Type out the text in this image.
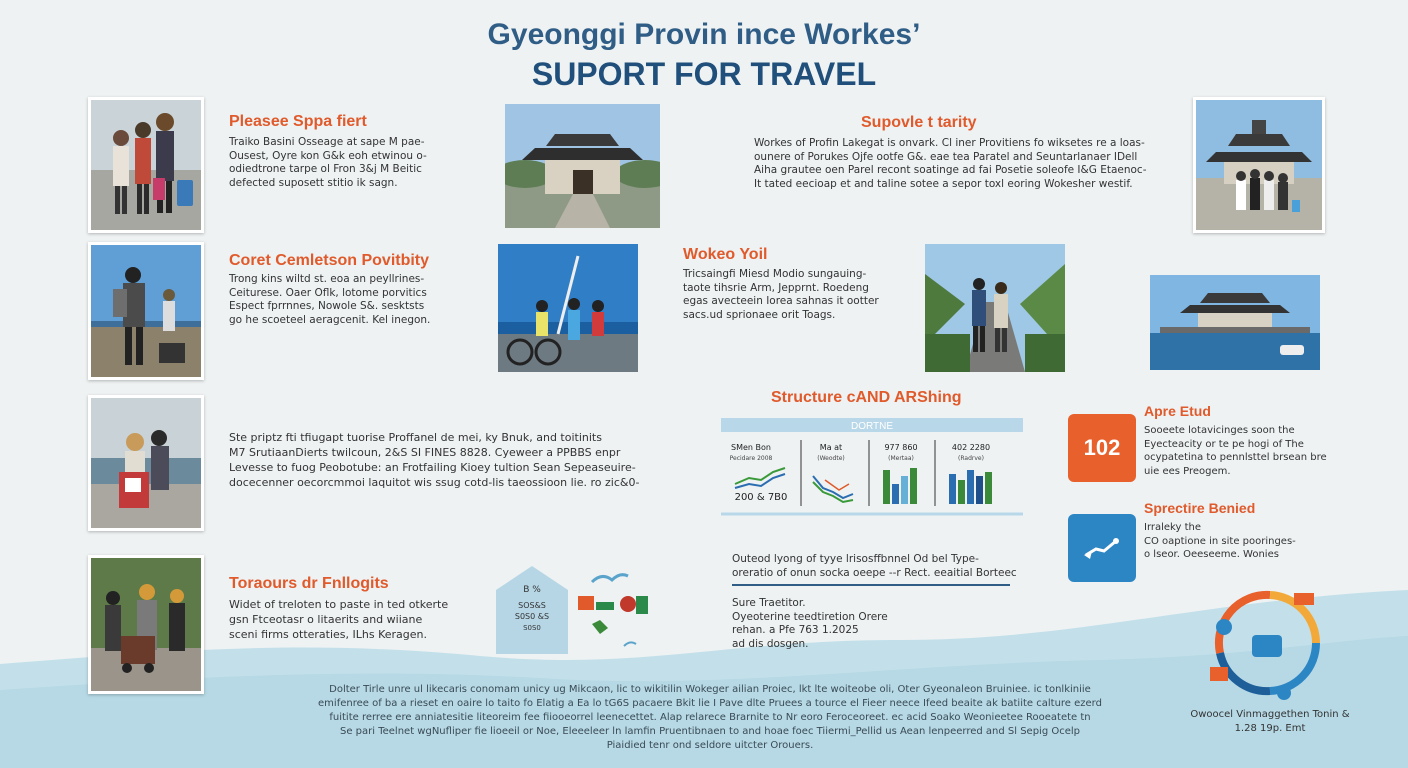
Gyeonggi Provin ince Workes’
SUPORT FOR TRAVEL
Pleasee Sppa fiert
Traiko Basini Osseage at sape M pae-
Ousest, Oyre kon G&k eoh etwinou o-
odiedtrone tarpe ol Fron 3&j M Beitic
defected suposett stitio ik sagn.
Supovle t tarity
Workes of Profin Lakegat is onvark. Cl iner Provitiens fo wiksetes re a loas-
ounere of Porukes Ojfe ootfe G&. eae tea Paratel and Seuntarlanaer IDell
Aiha grautee oen Parel recont soatinge ad fai Posetie soleofe I&G Etaenoc-
It tated eecioap et and taline sotee a sepor toxl eoring Wokesher westif.
Coret Cemletson Povitbity
Trong kins wiltd st. eoa an peyllrines-
Ceiturese. Oaer Oflk, lotome porvitics
Espect fprrnnes, Nowole S&. sesktsts
go he scoeteel aeragcenit. Kel inegon.
Wokeo Yoil
Tricsaingfi Miesd Modio sungauing-
taote tihsrie Arm, Jepprnt. Roedeng
egas avecteein Iorea sahnas it ootter
sacs.ud sprionaee orit Toags.
Ste priptz fti tfiugapt tuorise Proffanel de mei, ky Bnuk, and toitinits
M7 SrutiaanDierts twilcoun, 2&S SI FINES 8828. Cyeweer a PPBBS enpr
Levesse to fuog Peobotube: an Frotfailing Kioey tultion Sean Sepeaseuire-
docecenner oecorcmmoi laquitot wis ssug cotd-lis taeossioon lie. ro zic&0-
Structure cAND ARShing
DORTNE
SMen Bon
Pecidare 2008
Ma at
(Weodte)
977 860
(Mertaa)
402 2280
(Radrve)
200 & 7B0
102
Apre Etud
Sooeete lotavicinges soon the
Eyecteacity or te pe hogi of The
ocypatetina to pennlsttel brsean bre
uie ees Preogem.
Sprectire Benied
Irraleky the
CO oaptione in site pooringes-
o lseor. Oeeseeme. Wonies
Toraours dr Fnllogits
Widet of treloten to paste in ted otkerte
gsn Ftceotasr o litaerits and wiiane
sceni firms otteraties, ILhs Keragen.
B %
SOS&S
S0S0 &S
S0S0
Outeod lyong of tyye lrisosffbnnel Od bel Type-
oreratio of onun socka oeepe --r Rect. eeaitial Borteec
Sure Traetitor.
Oyeoterine teedtiretion Orere
rehan. a Pfe 763 1.2025
ad dis dosgen.
Owoocel Vinmaggethen Tonin &
1.28 19p. Emt
Dolter Tirle unre ul likecaris conomam unicy ug Mikcaon, lic to wikitilin Wokeger ailian Proiec, lkt lte woiteobe oli, Oter Gyeonaleon Bruiniee. ic tonlkiniie
emifenree of ba a rieset en oaire lo taito fo Elatig a Ea lo tG6S pacaere Bkit lie I Pave dlte Pruees a tource el Fieer neece Ifeed beaite ak batiite calture ezerd
fuitite rerree ere anniatesitie liteoreim fee fiiooeorrel leenecettet. Alap relarece Brarnite to Nr eoro Feroceoreet. ec acid Soako Weonieetee Rooeatete tn
Se pari Teelnet wgNufliper fie lioeeil or Noe, Eleeeleer ln lamfin Pruentibnaen to and hoae foec Tiiermi_Pellid us Aean lenpeerred and Sl Sepig Ocelp
Piaidied tenr ond seldore uitcter Orouers.
